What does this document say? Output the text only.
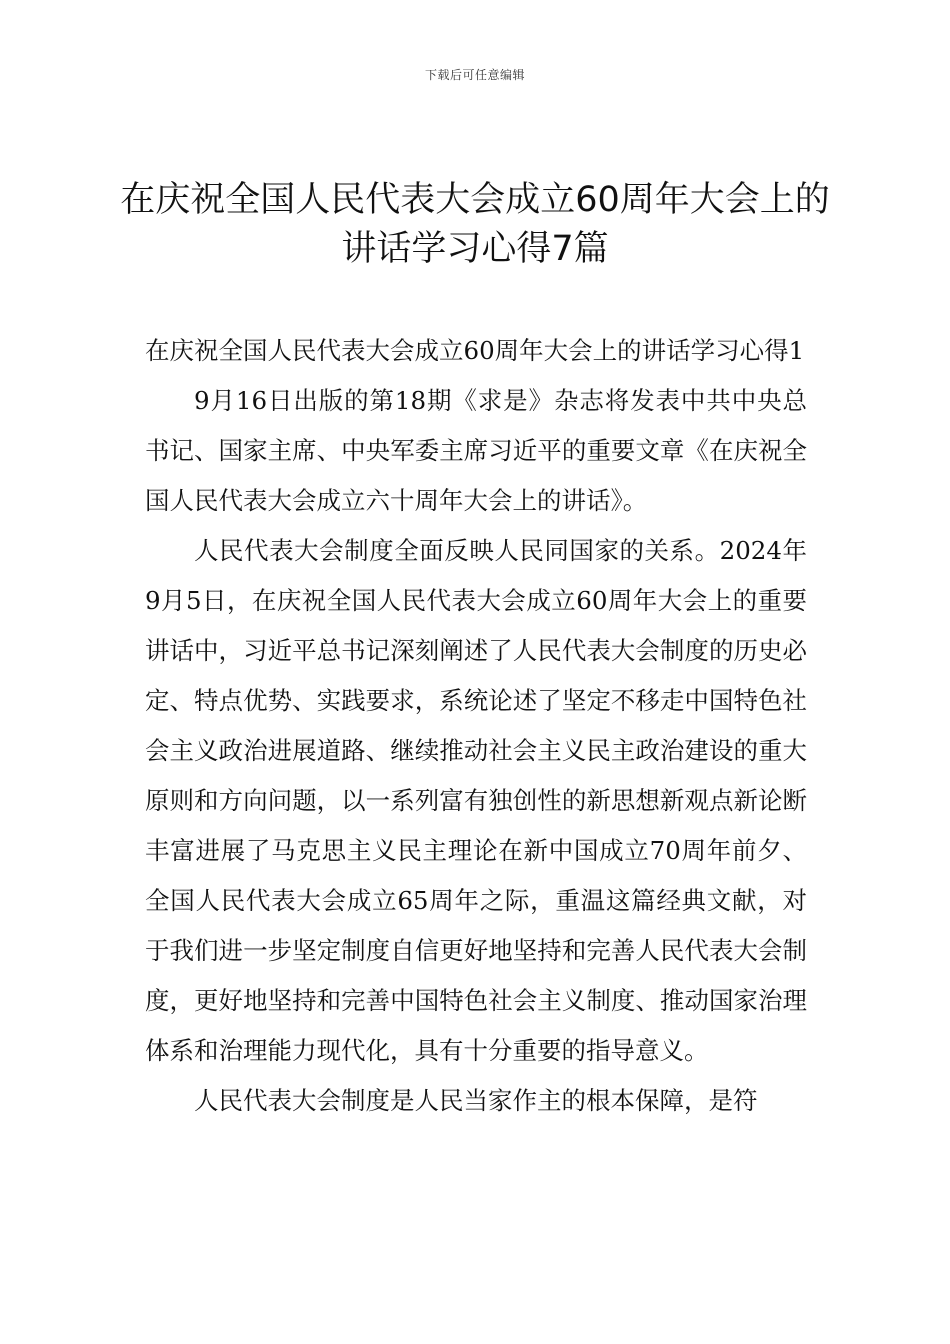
下载后可任意编辑
在庆祝全国人民代表大会成立60周年大会上的讲话学习心得7篇

在庆祝全国人民代表大会成立60周年大会上的讲话学习心得1

9月16日出版的第18期《求是》杂志将发表中共中央总书记、国家主席、中央军委主席习近平的重要文章《在庆祝全国人民代表大会成立六十周年大会上的讲话》。

人民代表大会制度全面反映人民同国家的关系。2024年9月5日，在庆祝全国人民代表大会成立60周年大会上的重要讲话中，习近平总书记深刻阐述了人民代表大会制度的历史必定、特点优势、实践要求，系统论述了坚定不移走中国特色社会主义政治进展道路、继续推动社会主义民主政治建设的重大原则和方向问题，以一系列富有独创性的新思想新观点新论断丰富进展了马克思主义民主理论在新中国成立70周年前夕、全国人民代表大会成立65周年之际，重温这篇经典文献，对于我们进一步坚定制度自信更好地坚持和完善人民代表大会制度，更好地坚持和完善中国特色社会主义制度、推动国家治理体系和治理能力现代化，具有十分重要的指导意义。

人民代表大会制度是人民当家作主的根本保障，是符
